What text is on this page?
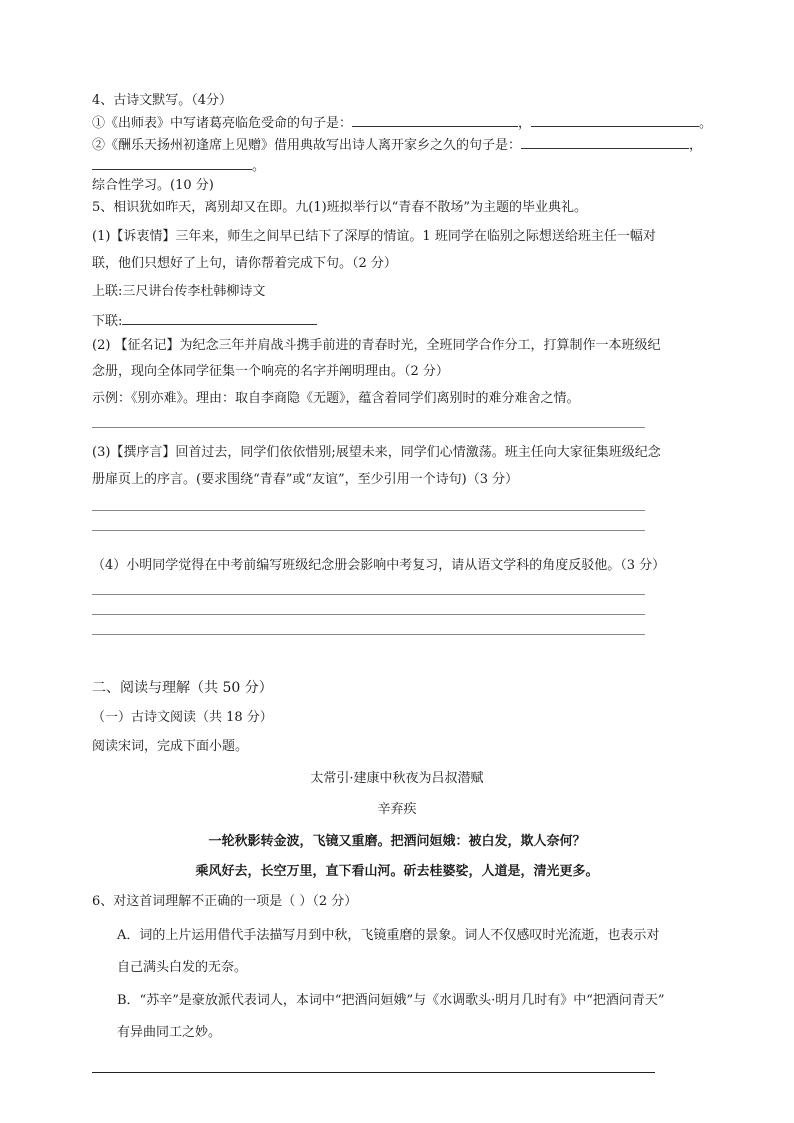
4、古诗文默写。（4分）
①《出师表》中写诸葛亮临危受命的句子是：	，	。
②《酬乐天扬州初逢席上见赠》借用典故写出诗人离开家乡之久的句子是：	，
。
综合性学习。(10 分)
5、相识犹如昨天，离别却又在即。九(1)班拟举行以“青春不散场”为主题的毕业典礼。
(1)【诉衷情】三年来，师生之间早已结下了深厚的情谊。1 班同学在临别之际想送给班主任一幅对
联，他们只想好了上句，请你帮着完成下句。（2 分）
上联:三尺讲台传李杜韩柳诗文
下联:
(2) 【征名记】为纪念三年并肩战斗携手前进的青春时光，全班同学合作分工，打算制作一本班级纪
念册，现向全体同学征集一个响亮的名字并阐明理由。（2 分）
示例：《别亦难》。理由：取自李商隐《无题》，蕴含着同学们离别时的难分难舍之情。
(3)【撰序言】回首过去，同学们依依惜别;展望未来，同学们心情激荡。班主任向大家征集班级纪念
册扉页上的序言。(要求围绕“青春”或“友谊”，至少引用一个诗句)（3 分）
（4）小明同学觉得在中考前编写班级纪念册会影响中考复习，请从语文学科的角度反驳他。（3 分）
二、阅读与理解（共 50 分）
（一）古诗文阅读（共 18 分）
阅读宋词，完成下面小题。
太常引·建康中秋夜为吕叔潜赋
辛弃疾
一轮秋影转金波，飞镜又重磨。把酒问姮娥：被白发，欺人奈何？
乘风好去，长空万里，直下看山河。斫去桂婆娑，人道是，清光更多。
6、对这首词理解不正确的一项是（ ）（2 分）
A．词的上片运用借代手法描写月到中秋，飞镜重磨的景象。词人不仅感叹时光流逝，也表示对
自己满头白发的无奈。
B．“苏辛”是豪放派代表词人，本词中“把酒问姮娥”与《水调歌头·明月几时有》中“把酒问青天”
有异曲同工之妙。
